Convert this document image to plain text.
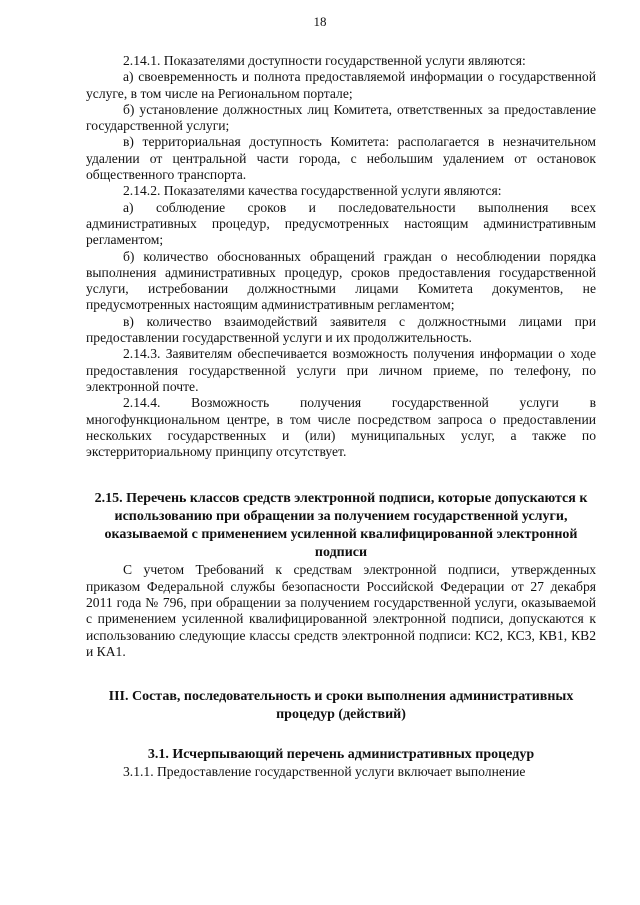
18

2.14.1. Показателями доступности государственной услуги являются:

а) своевременность и полнота предоставляемой информации о государственной услуге, в том числе на Региональном портале;

б) установление должностных лиц Комитета, ответственных за предоставление государственной услуги;

в) территориальная доступность Комитета: располагается в незначительном удалении от центральной части города, с небольшим удалением от остановок общественного транспорта.

2.14.2. Показателями качества государственной услуги являются:

а) соблюдение сроков и последовательности выполнения всех административных процедур, предусмотренных настоящим административным регламентом;

б) количество обоснованных обращений граждан о несоблюдении порядка выполнения административных процедур, сроков предоставления государственной услуги, истребовании должностными лицами Комитета документов, не предусмотренных настоящим административным регламентом;

в) количество взаимодействий заявителя с должностными лицами при предоставлении государственной услуги и их продолжительность.

2.14.3. Заявителям обеспечивается возможность получения информации о ходе предоставления государственной услуги при личном приеме, по телефону, по электронной почте.

2.14.4. Возможность получения государственной услуги в многофункциональном центре, в том числе посредством запроса о предоставлении нескольких государственных и (или) муниципальных услуг, а также по экстерриториальному принципу отсутствует.

2.15. Перечень классов средств электронной подписи, которые допускаются к использованию при обращении за получением государственной услуги, оказываемой с применением усиленной квалифицированной электронной подписи

С учетом Требований к средствам электронной подписи, утвержденных приказом Федеральной службы безопасности Российской Федерации от 27 декабря 2011 года № 796, при обращении за получением государственной услуги, оказываемой с применением усиленной квалифицированной электронной подписи, допускаются к использованию следующие классы средств электронной подписи: КС2, КС3, КВ1, КВ2 и КА1.

III. Состав, последовательность и сроки выполнения административных процедур (действий)
3.1. Исчерпывающий перечень административных процедур

3.1.1. Предоставление государственной услуги включает выполнение
